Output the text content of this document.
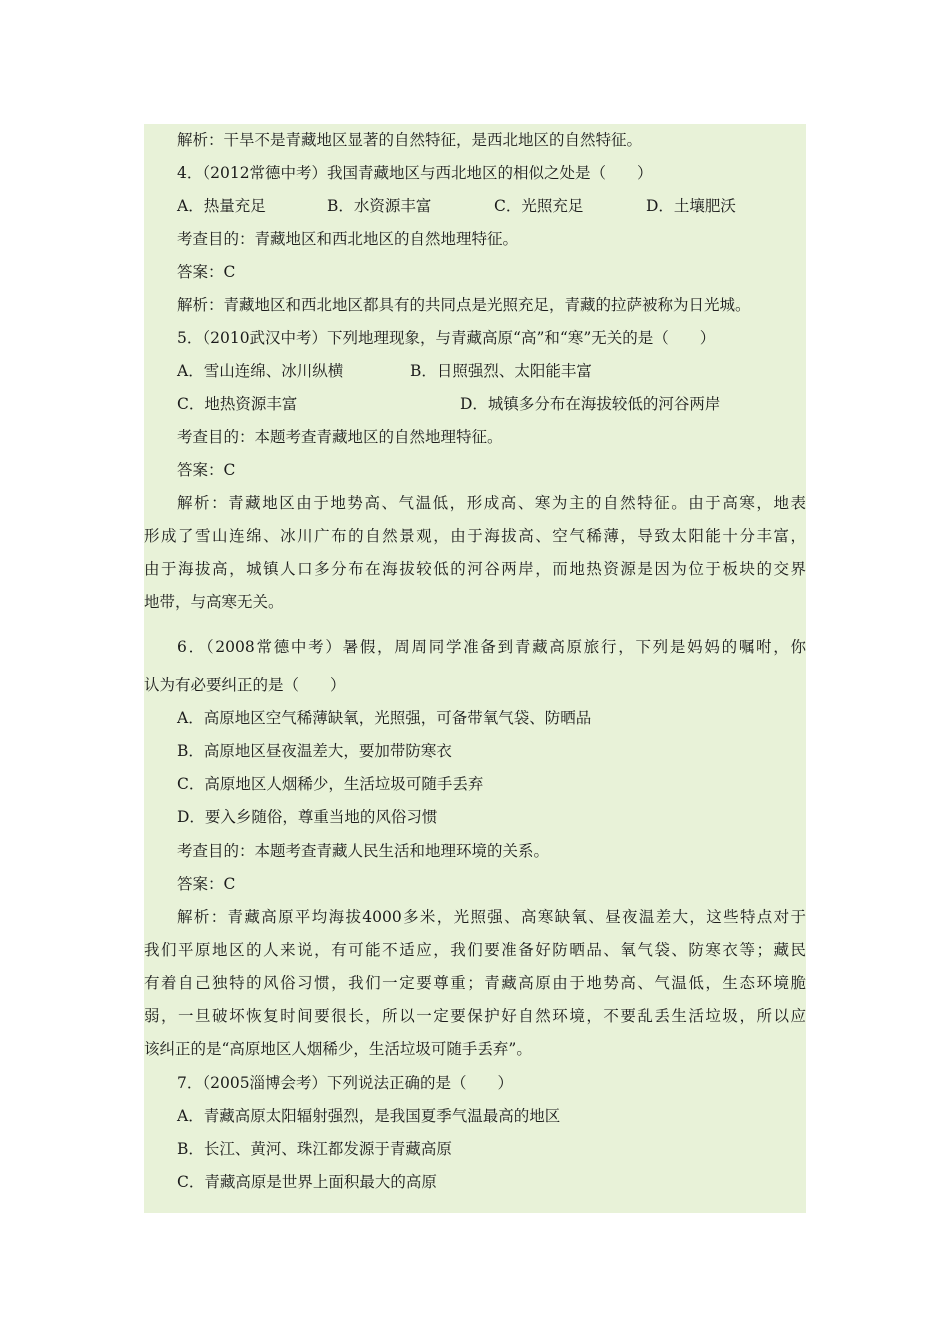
解析：干旱不是青藏地区显著的自然特征，是西北地区的自然特征。
4．（2012常德中考）我国青藏地区与西北地区的相似之处是（　　）
A．热量充足	B．水资源丰富	C．光照充足	D．土壤肥沃
考查目的：青藏地区和西北地区的自然地理特征。
答案：C
解析：青藏地区和西北地区都具有的共同点是光照充足，青藏的拉萨被称为日光城。
5．（2010武汉中考）下列地理现象，与青藏高原“高”和“寒”无关的是（　　）
A．雪山连绵、冰川纵横	B．日照强烈、太阳能丰富
C．地热资源丰富	D．城镇多分布在海拔较低的河谷两岸
考查目的：本题考查青藏地区的自然地理特征。
答案：C
解析：青藏地区由于地势高、气温低，形成高、寒为主的自然特征。由于高寒，地表
形成了雪山连绵、冰川广布的自然景观，由于海拔高、空气稀薄，导致太阳能十分丰富，
由于海拔高，城镇人口多分布在海拔较低的河谷两岸，而地热资源是因为位于板块的交界
地带，与高寒无关。
6．（2008常德中考）暑假，周周同学准备到青藏高原旅行，下列是妈妈的嘱咐，你
认为有必要纠正的是（　　）
A．高原地区空气稀薄缺氧，光照强，可备带氧气袋、防晒品
B．高原地区昼夜温差大，要加带防寒衣
C．高原地区人烟稀少，生活垃圾可随手丢弃
D．要入乡随俗，尊重当地的风俗习惯
考查目的：本题考查青藏人民生活和地理环境的关系。
答案：C
解析：青藏高原平均海拔4000多米，光照强、高寒缺氧、昼夜温差大，这些特点对于
我们平原地区的人来说，有可能不适应，我们要准备好防晒品、氧气袋、防寒衣等；藏民
有着自己独特的风俗习惯，我们一定要尊重；青藏高原由于地势高、气温低，生态环境脆
弱，一旦破坏恢复时间要很长，所以一定要保护好自然环境，不要乱丢生活垃圾，所以应
该纠正的是“高原地区人烟稀少，生活垃圾可随手丢弃”。
7．（2005淄博会考）下列说法正确的是（　　）
A．青藏高原太阳辐射强烈，是我国夏季气温最高的地区
B．长江、黄河、珠江都发源于青藏高原
C．青藏高原是世界上面积最大的高原
